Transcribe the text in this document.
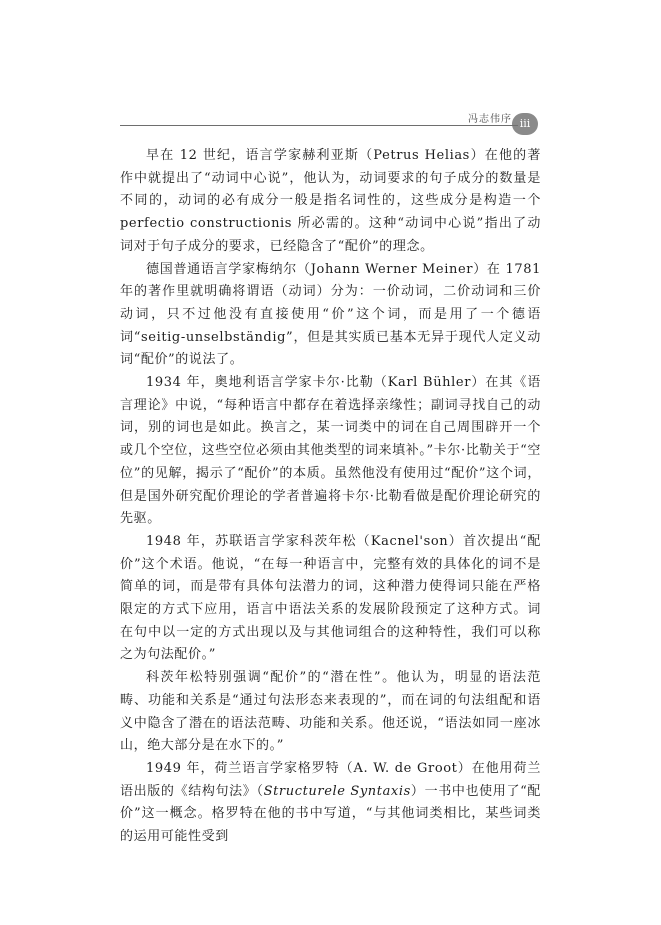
冯志伟序 iii

早在 12 世纪，语言学家赫利亚斯（Petrus Helias）在他的著作中就提出了“动词中心说”，他认为，动词要求的句子成分的数量是不同的，动词的必有成分一般是指名词性的，这些成分是构造一个 perfectio constructionis 所必需的。这种“动词中心说”指出了动词对于句子成分的要求，已经隐含了“配价”的理念。

德国普通语言学家梅纳尔（Johann Werner Meiner）在 1781 年的著作里就明确将谓语（动词）分为：一价动词，二价动词和三价动词，只不过他没有直接使用“价”这个词，而是用了一个德语词“seitig-unselbständig”，但是其实质已基本无异于现代人定义动词“配价”的说法了。

1934 年，奥地利语言学家卡尔·比勒（Karl Bühler）在其《语言理论》中说，“每种语言中都存在着选择亲缘性；副词寻找自己的动词，别的词也是如此。换言之，某一词类中的词在自己周围辟开一个或几个空位，这些空位必须由其他类型的词来填补。”卡尔·比勒关于“空位”的见解，揭示了“配价”的本质。虽然他没有使用过“配价”这个词，但是国外研究配价理论的学者普遍将卡尔·比勒看做是配价理论研究的先驱。

1948 年，苏联语言学家科茨年松（Kacnel'son）首次提出“配价”这个术语。他说，“在每一种语言中，完整有效的具体化的词不是简单的词，而是带有具体句法潜力的词，这种潜力使得词只能在严格限定的方式下应用，语言中语法关系的发展阶段预定了这种方式。词在句中以一定的方式出现以及与其他词组合的这种特性，我们可以称之为句法配价。”

科茨年松特别强调“配价”的“潜在性”。他认为，明显的语法范畴、功能和关系是“通过句法形态来表现的”，而在词的句法组配和语义中隐含了潜在的语法范畴、功能和关系。他还说，“语法如同一座冰山，绝大部分是在水下的。”

1949 年，荷兰语言学家格罗特（A. W. de Groot）在他用荷兰语出版的《结构句法》（Structurele Syntaxis）一书中也使用了“配价”这一概念。格罗特在他的书中写道，“与其他词类相比，某些词类的运用可能性受到
